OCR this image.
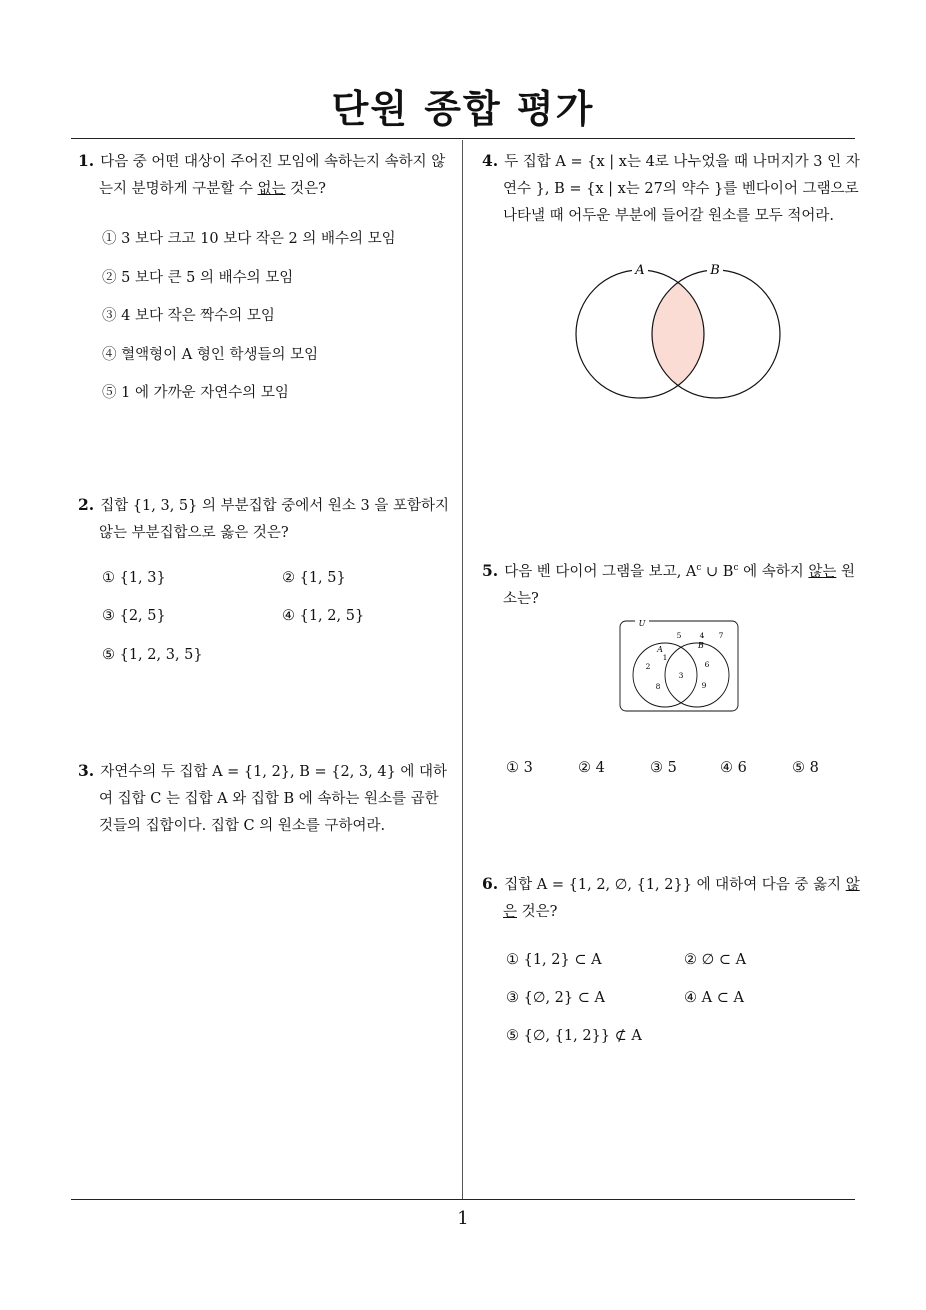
단원 종합 평가
1
1. 다음 중 어떤 대상이 주어진 모임에 속하는지 속하지 않는지 분명하게 구분할 수 없는 것은?
① 3 보다 크고 10 보다 작은 2 의 배수의 모임
② 5 보다 큰 5 의 배수의 모임
③ 4 보다 작은 짝수의 모임
④ 혈액형이 A 형인 학생들의 모임
⑤ 1 에 가까운 자연수의 모임
2. 집합 {1, 3, 5} 의 부분집합 중에서 원소 3 을 포함하지 않는 부분집합으로 옳은 것은?
① {1, 3}	② {1, 5}
③ {2, 5}	④ {1, 2, 5}
⑤ {1, 2, 3, 5}
3. 자연수의 두 집합 A = {1, 2}, B = {2, 3, 4} 에 대하여 집합 C 는 집합 A 와 집합 B 에 속하는 원소를 곱한 것들의 집합이다. 집합 C 의 원소를 구하여라.
4. 두 집합 A = {x | x는 4로 나누었을 때 나머지가 3 인 자연수 }, B = {x | x는 27의 약수 }를 벤다이어 그램으로 나타낼 때 어두운 부분에 들어갈 원소를 모두 적어라.
A	B
5. 다음 벤 다이어 그램을 보고, $A^c$ ∪ $B^c$ 에 속하지 않는 원소는?
U
A	B
5 4 7
1
2
8
3
6
9
① 3	② 4	③ 5	④ 6	⑤ 8
6. 집합 A = {1, 2, ∅, {1, 2}} 에 대하여 다음 중 옳지 않은 것은?
① {1, 2} ⊂ A	② ∅ ⊂ A
③ {∅, 2} ⊂ A	④ A ⊂ A
⑤ {∅, {1, 2}} ⊄ A
